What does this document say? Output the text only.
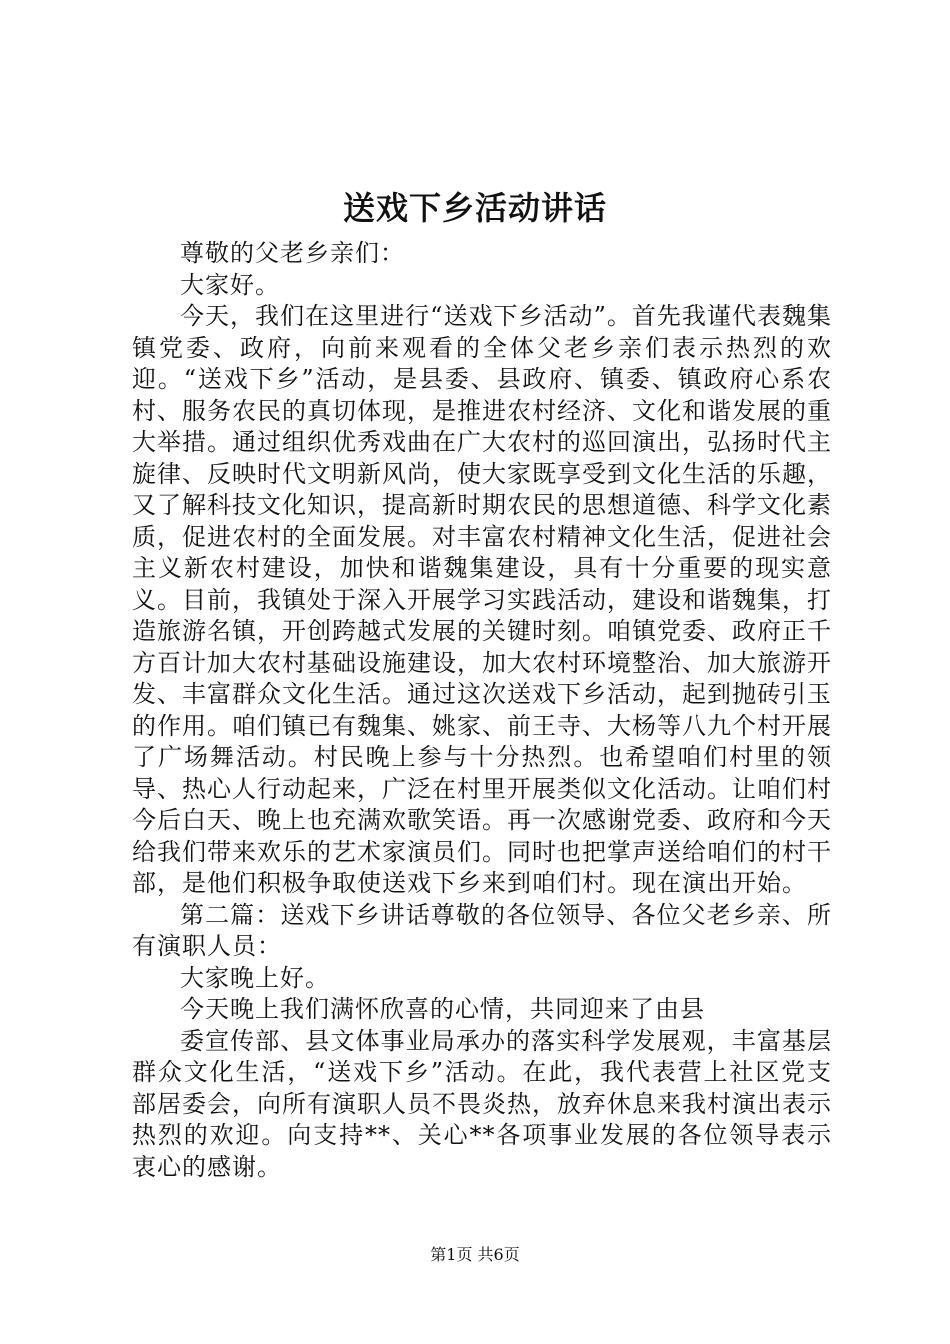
送戏下乡活动讲话

尊敬的父老乡亲们：

大家好。

今天，我们在这里进行“送戏下乡活动”。首先我谨代表魏集镇党委、政府，向前来观看的全体父老乡亲们表示热烈的欢迎。“送戏下乡”活动，是县委、县政府、镇委、镇政府心系农村、服务农民的真切体现，是推进农村经济、文化和谐发展的重大举措。通过组织优秀戏曲在广大农村的巡回演出，弘扬时代主旋律、反映时代文明新风尚，使大家既享受到文化生活的乐趣，又了解科技文化知识，提高新时期农民的思想道德、科学文化素质，促进农村的全面发展。对丰富农村精神文化生活，促进社会主义新农村建设，加快和谐魏集建设，具有十分重要的现实意义。目前，我镇处于深入开展学习实践活动，建设和谐魏集，打造旅游名镇，开创跨越式发展的关键时刻。咱镇党委、政府正千方百计加大农村基础设施建设，加大农村环境整治、加大旅游开发、丰富群众文化生活。通过这次送戏下乡活动，起到抛砖引玉的作用。咱们镇已有魏集、姚家、前王寺、大杨等八九个村开展了广场舞活动。村民晚上参与十分热烈。也希望咱们村里的领导、热心人行动起来，广泛在村里开展类似文化活动。让咱们村今后白天、晚上也充满欢歌笑语。再一次感谢党委、政府和今天给我们带来欢乐的艺术家演员们。同时也把掌声送给咱们的村干部，是他们积极争取使送戏下乡来到咱们村。现在演出开始。

第二篇：送戏下乡讲话尊敬的各位领导、各位父老乡亲、所有演职人员：

大家晚上好。

今天晚上我们满怀欣喜的心情，共同迎来了由县

委宣传部、县文体事业局承办的落实科学发展观，丰富基层群众文化生活，“送戏下乡”活动。在此，我代表营上社区党支部居委会，向所有演职人员不畏炎热，放弃休息来我村演出表示热烈的欢迎。向支持**、关心**各项事业发展的各位领导表示衷心的感谢。

第1页 共6页
